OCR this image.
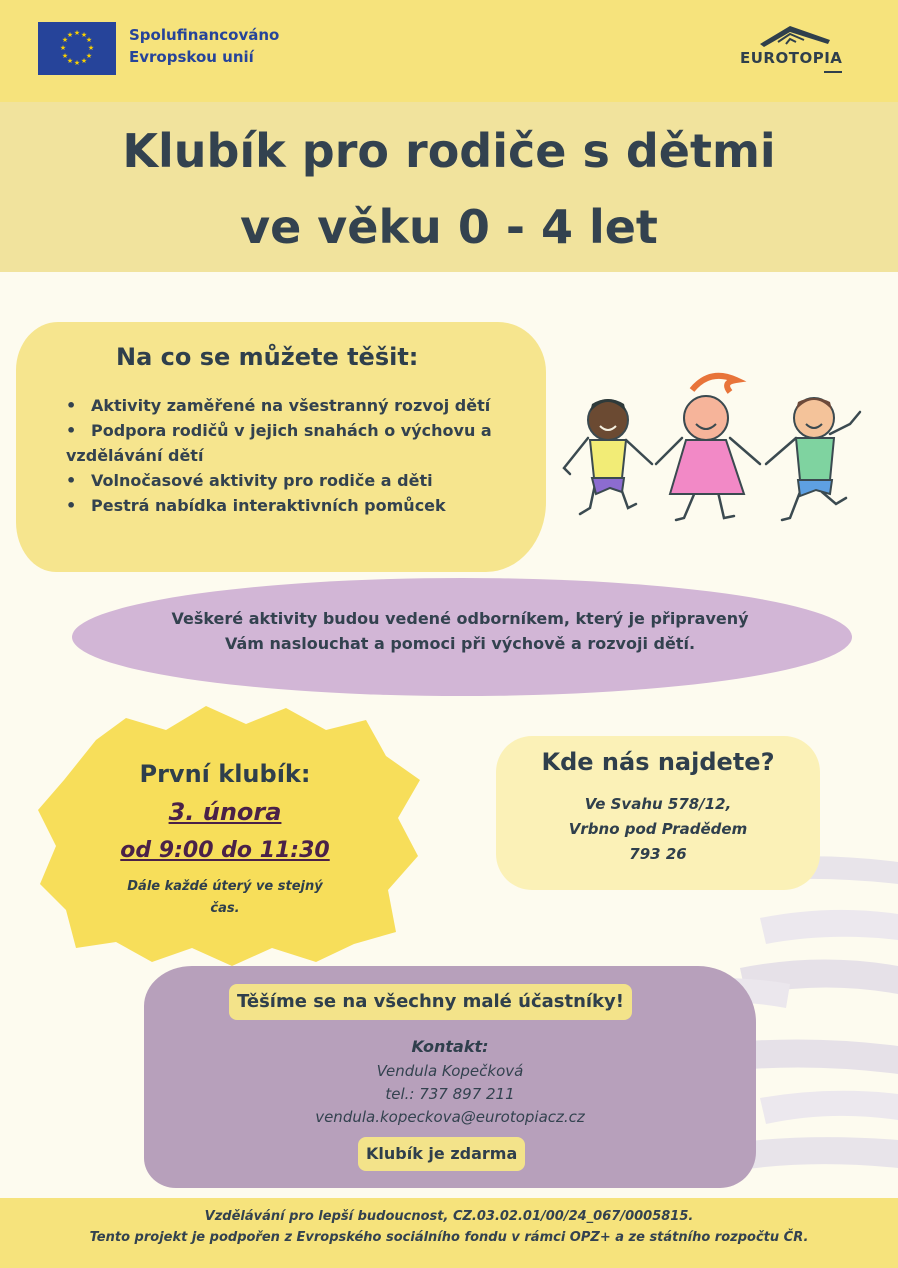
★ ★
★
★
★
★
★
★
★
★
★
★	Spolufinancováno
Evropskou unií	EUROTOPIA
Klubík pro rodiče s dětmi
ve věku 0 - 4 let
Na co se můžete těšit:
• Aktivity zaměřené na všestranný rozvoj dětí
• Podpora rodičů v jejich snahách o výchovu a
vzdělávání dětí
• Volnočasové aktivity pro rodiče a děti
• Pestrá nabídka interaktivních pomůcek
Veškeré aktivity budou vedené odborníkem, který je připravený
Vám naslouchat a pomoci při výchově a rozvoji dětí.
První klubík:
3. února
od 9:00 do 11:30
Dále každé úterý ve stejný
čas.
Kde nás najdete?
Ve Svahu 578/12,
Vrbno pod Pradědem
793 26
Těšíme se na všechny malé účastníky!
Kontakt:
Vendula Kopečková
tel.: 737 897 211
vendula.kopeckova@eurotopiacz.cz
Klubík je zdarma
Vzdělávání pro lepší budoucnost, CZ.03.02.01/00/24_067/0005815.
Tento projekt je podpořen z Evropského sociálního fondu v rámci OPZ+ a ze státního rozpočtu ČR.
